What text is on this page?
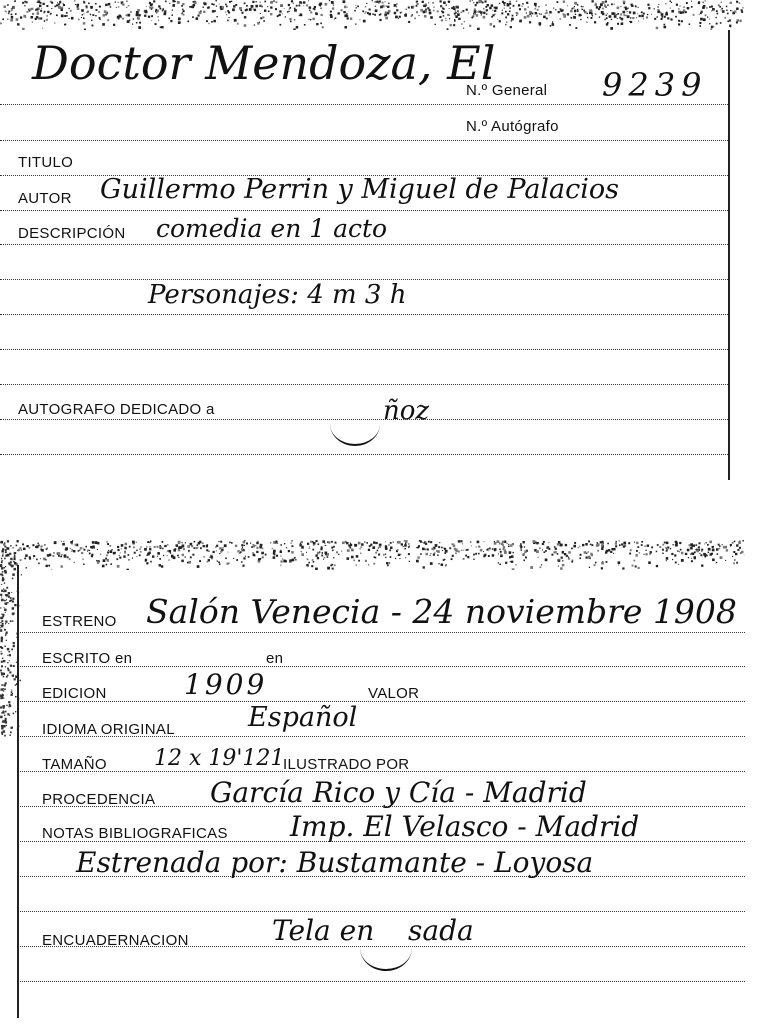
Doctor Mendoza, El
N.º General 9239
N.º Autógrafo
TITULO
AUTOR Guillermo Perrin y Miguel de Palacios
DESCRIPCIÓN comedia en 1 acto
Personajes: 4 m 3 h
AUTOGRAFO DEDICADO a	ñoz
ESTRENO Salón Venecia - 24 noviembre 1908
ESCRITO en	en
EDICION	1909	VALOR
IDIOMA ORIGINAL	Español
TAMAÑO 12 x 19'121
ILUSTRADO POR
PROCEDENCIA García Rico y Cía - Madrid
NOTAS BIBLIOGRAFICAS Imp. El Velasco - Madrid
Estrenada por: Bustamante - Loyosa
ENCUADERNACION	Tela en sada
